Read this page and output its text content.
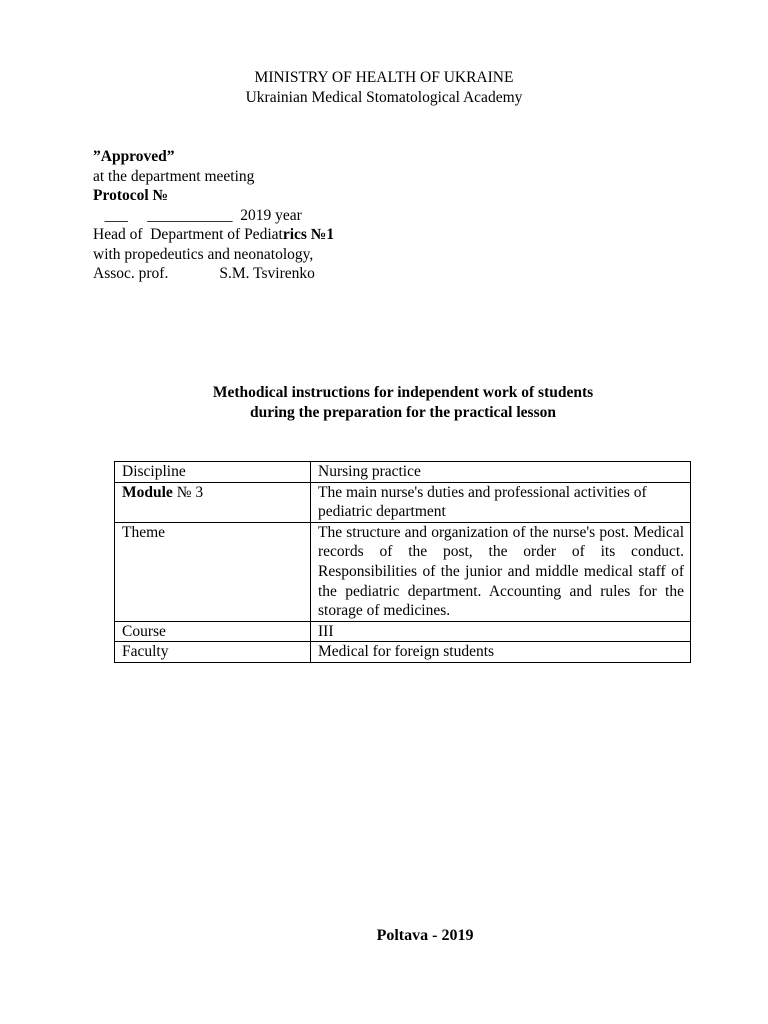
MINISTRY OF HEALTH OF UKRAINE
Ukrainian Medical Stomatological Academy
”Approved”
at the department meeting
Protocol №
___     ___________  2019 year
Head of  Department of Pediatrics №1
with propedeutics and neonatology,
Assoc. prof.	S.M. Tsvirenko
Methodical instructions for independent work of students
during the preparation for the practical lesson
Discipline	Nursing practice
Module № 3	The main nurse's duties and professional activities of pediatric department
Theme	The structure and organization of the nurse's post. Medical records of the post, the order of its conduct. Responsibilities of the junior and middle medical staff of the pediatric department. Accounting and rules for the storage of medicines.
Course	ІІІ
Faculty	Medical for foreign students
Poltava - 2019
